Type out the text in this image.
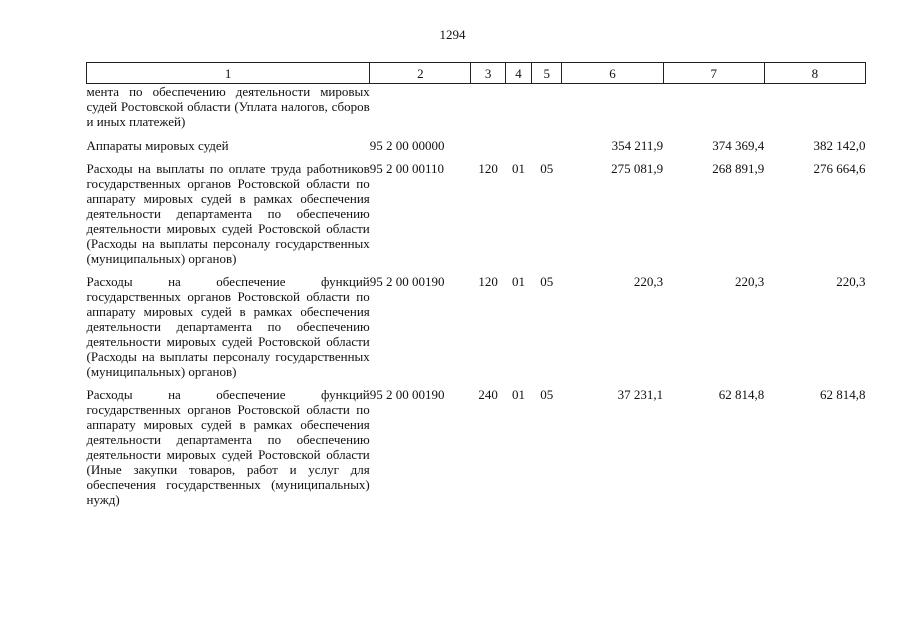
1294
1	2	3	4	5	6	7	8
мента по обеспечению деятельности мировых судей Ростовской области (Уплата налогов, сборов и иных платежей)							
Аппараты мировых судей	95 2 00 00000				354 211,9	374 369,4	382 142,0
Расходы на выплаты по оплате труда работников государственных органов Ростовской области по аппарату мировых судей в рамках обеспечения деятельности департамента по обеспечению деятельности мировых судей Ростовской области (Расходы на выплаты персоналу государственных (муниципальных) органов)	95 2 00 00110	120	01	05	275 081,9	268 891,9	276 664,6
Расходы на обеспечение функций государственных органов Ростовской области по аппарату мировых судей в рамках обеспечения деятельности департамента по обеспечению деятельности мировых судей Ростовской области (Расходы на выплаты персоналу государственных (муниципальных) органов)	95 2 00 00190	120	01	05	220,3	220,3	220,3
Расходы на обеспечение функций государственных органов Ростовской области по аппарату мировых судей в рамках обеспечения деятельности департамента по обеспечению деятельности мировых судей Ростовской области (Иные закупки товаров, работ и услуг для обеспечения государственных (муниципальных) нужд)	95 2 00 00190	240	01	05	37 231,1	62 814,8	62 814,8
